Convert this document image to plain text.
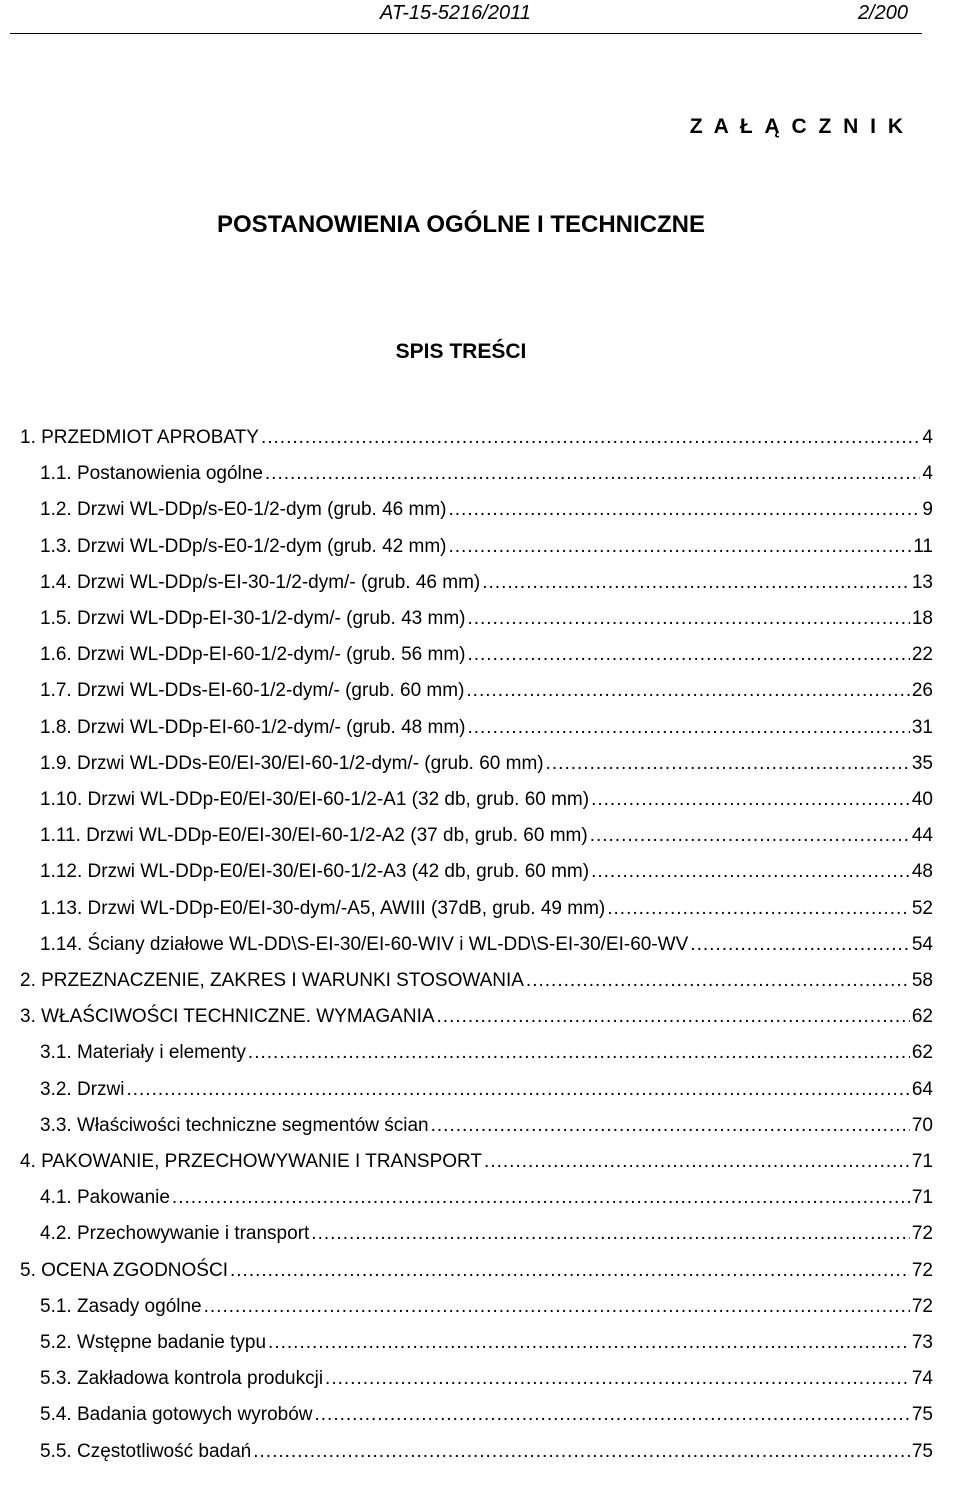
AT-15-5216/2011	2/200
Z A Ł Ą C Z N I K
POSTANOWIENIA OGÓLNE I TECHNICZNE
SPIS TREŚCI
1. PRZEDMIOT APROBATY .....	4
1.1. Postanowienia ogólne .....	4
1.2. Drzwi WL-DDp/s-E0-1/2-dym (grub. 46 mm) .....	9
1.3. Drzwi WL-DDp/s-E0-1/2-dym (grub. 42 mm) .....	11
1.4. Drzwi WL-DDp/s-EI-30-1/2-dym/- (grub. 46 mm) .....	13
1.5. Drzwi WL-DDp-EI-30-1/2-dym/- (grub. 43 mm) .....	18
1.6. Drzwi WL-DDp-EI-60-1/2-dym/- (grub. 56 mm) .....	22
1.7. Drzwi WL-DDs-EI-60-1/2-dym/- (grub. 60 mm) .....	26
1.8. Drzwi WL-DDp-EI-60-1/2-dym/- (grub. 48 mm) .....	31
1.9. Drzwi WL-DDs-E0/EI-30/EI-60-1/2-dym/- (grub. 60 mm) .....	35
1.10. Drzwi WL-DDp-E0/EI-30/EI-60-1/2-A1 (32 db, grub. 60 mm) .....	40
1.11. Drzwi WL-DDp-E0/EI-30/EI-60-1/2-A2 (37 db, grub. 60 mm) .....	44
1.12. Drzwi WL-DDp-E0/EI-30/EI-60-1/2-A3 (42 db, grub. 60 mm) .....	48
1.13. Drzwi WL-DDp-E0/EI-30-dym/-A5, AWIII (37dB, grub. 49 mm) .....	52
1.14. Ściany działowe WL-DD\S-EI-30/EI-60-WIV i WL-DD\S-EI-30/EI-60-WV .....	54
2. PRZEZNACZENIE, ZAKRES I WARUNKI STOSOWANIA .....	58
3. WŁAŚCIWOŚCI TECHNICZNE. WYMAGANIA .....	62
3.1. Materiały i elementy .....	62
3.2. Drzwi .....	64
3.3. Właściwości techniczne segmentów ścian .....	70
4. PAKOWANIE, PRZECHOWYWANIE I TRANSPORT .....	71
4.1. Pakowanie .....	71
4.2. Przechowywanie i transport .....	72
5. OCENA ZGODNOŚCI .....	72
5.1. Zasady ogólne .....	72
5.2. Wstępne badanie typu .....	73
5.3. Zakładowa kontrola produkcji .....	74
5.4. Badania gotowych wyrobów .....	75
5.5. Częstotliwość badań .....	75
